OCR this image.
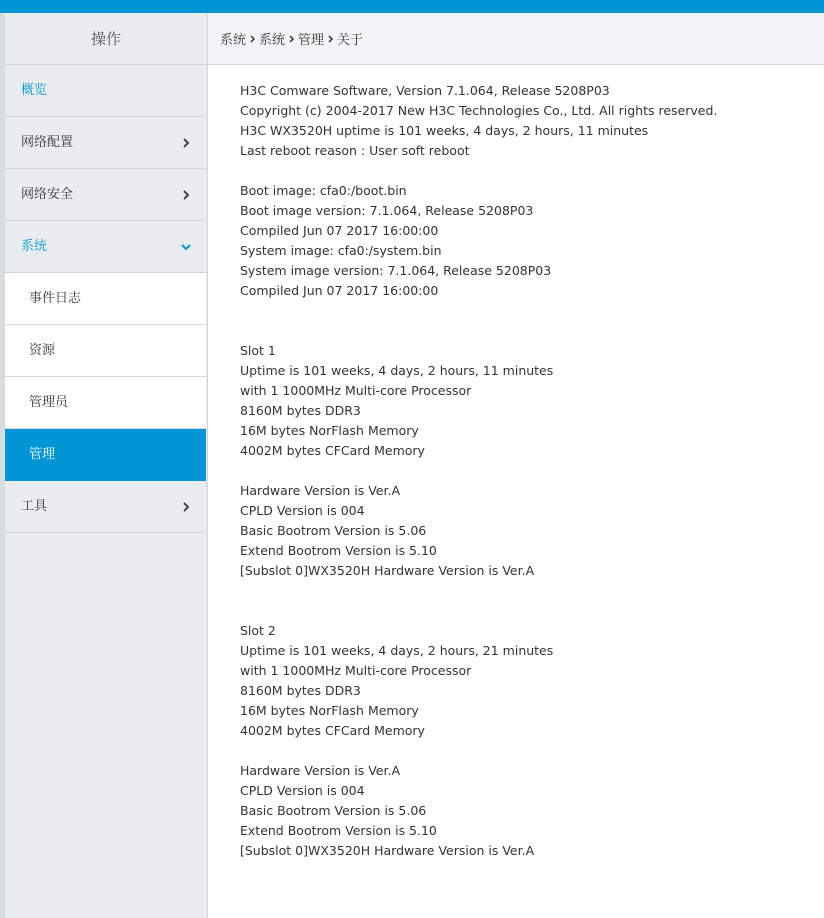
操作
概览
网络配置
网络安全
系统
事件日志
资源
管理员
管理
工具
系统 系统 管理 关于
H3C Comware Software, Version 7.1.064, Release 5208P03
Copyright (c) 2004-2017 New H3C Technologies Co., Ltd. All rights reserved.
H3C WX3520H uptime is 101 weeks, 4 days, 2 hours, 11 minutes
Last reboot reason : User soft reboot
Boot image: cfa0:/boot.bin
Boot image version: 7.1.064, Release 5208P03
Compiled Jun 07 2017 16:00:00
System image: cfa0:/system.bin
System image version: 7.1.064, Release 5208P03
Compiled Jun 07 2017 16:00:00
Slot 1
Uptime is 101 weeks, 4 days, 2 hours, 11 minutes
with 1 1000MHz Multi-core Processor
8160M bytes DDR3
16M bytes NorFlash Memory
4002M bytes CFCard Memory
Hardware Version is Ver.A
CPLD Version is 004
Basic Bootrom Version is 5.06
Extend Bootrom Version is 5.10
[Subslot 0]WX3520H Hardware Version is Ver.A
Slot 2
Uptime is 101 weeks, 4 days, 2 hours, 21 minutes
with 1 1000MHz Multi-core Processor
8160M bytes DDR3
16M bytes NorFlash Memory
4002M bytes CFCard Memory
Hardware Version is Ver.A
CPLD Version is 004
Basic Bootrom Version is 5.06
Extend Bootrom Version is 5.10
[Subslot 0]WX3520H Hardware Version is Ver.A
